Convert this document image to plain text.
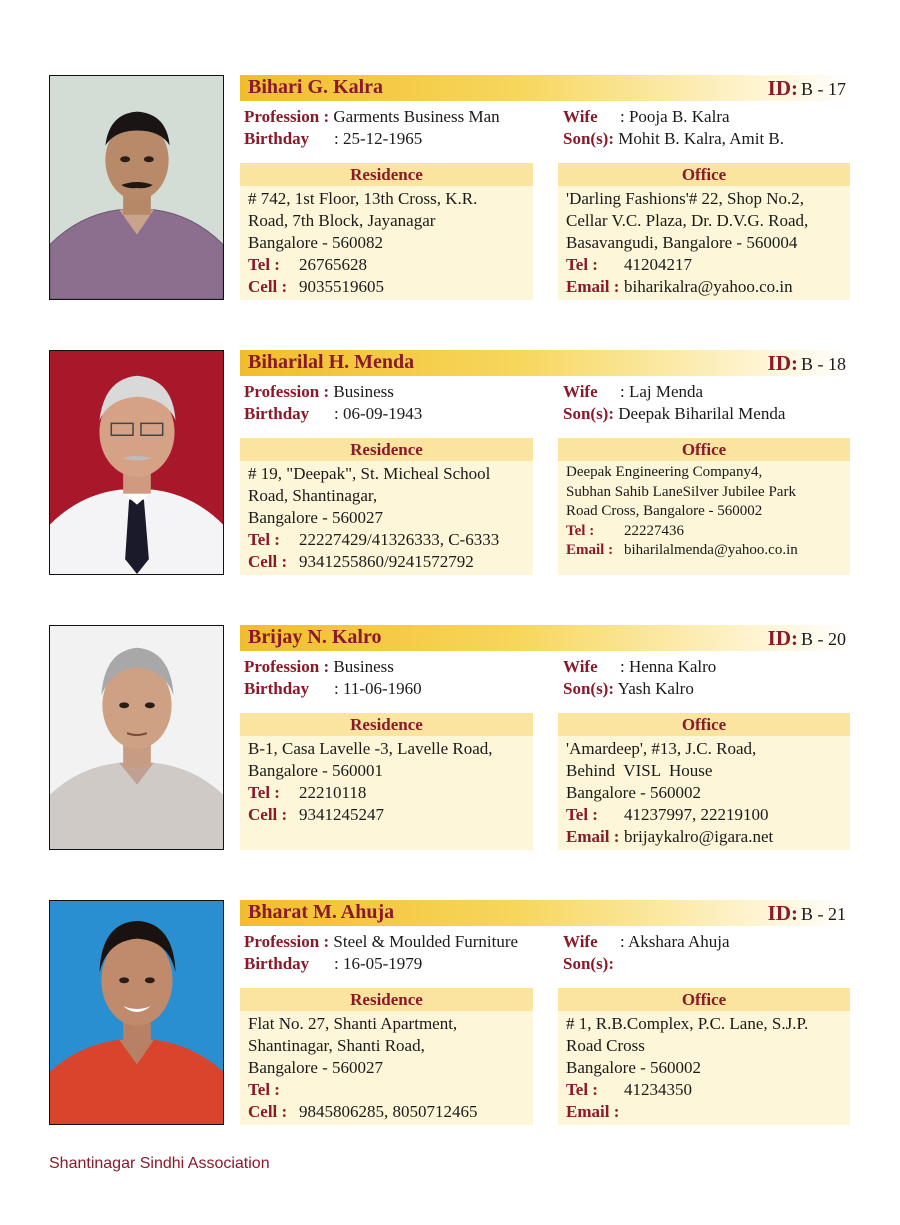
Bihari G. Kalra	ID: B - 17
Profession : Garments Business Man
Birthday : 25-12-1965
Wife : Pooja B. Kalra
Son(s): Mohit B. Kalra, Amit B.
Residence
# 742, 1st Floor, 13th Cross, K.R.
Road, 7th Block, Jayanagar
Bangalore - 560082
Tel : 26765628
Cell : 9035519605
Office
'Darling Fashions'# 22, Shop No.2,
Cellar V.C. Plaza, Dr. D.V.G. Road,
Basavangudi, Bangalore - 560004
Tel : 41204217
Email : biharikalra@yahoo.co.in
Biharilal H. Menda	ID: B - 18
Profession : Business
Birthday : 06-09-1943
Wife : Laj Menda
Son(s): Deepak Biharilal Menda
Residence
# 19, "Deepak", St. Micheal School
Road, Shantinagar,
Bangalore - 560027
Tel : 22227429/41326333, C-6333
Cell : 9341255860/9241572792
Office
Deepak Engineering Company4,
Subhan Sahib LaneSilver Jubilee Park
Road Cross, Bangalore - 560002
Tel : 22227436
Email : biharilalmenda@yahoo.co.in
Brijay N. Kalro	ID: B - 20
Profession : Business
Birthday : 11-06-1960
Wife : Henna Kalro
Son(s): Yash Kalro
Residence
B-1, Casa Lavelle -3, Lavelle Road,
Bangalore - 560001
Tel : 22210118
Cell : 9341245247
Office
'Amardeep', #13, J.C. Road,
Behind  VISL  House
Bangalore - 560002
Tel : 41237997, 22219100
Email : brijaykalro@igara.net
Bharat M. Ahuja	ID: B - 21
Profession : Steel & Moulded Furniture
Birthday : 16-05-1979
Wife : Akshara Ahuja
Son(s):
Residence
Flat No. 27, Shanti Apartment,
Shantinagar, Shanti Road,
Bangalore - 560027
Tel :
Cell : 9845806285, 8050712465
Office
# 1, R.B.Complex, P.C. Lane, S.J.P.
Road Cross
Bangalore - 560002
Tel : 41234350
Email :
Shantinagar Sindhi Association
